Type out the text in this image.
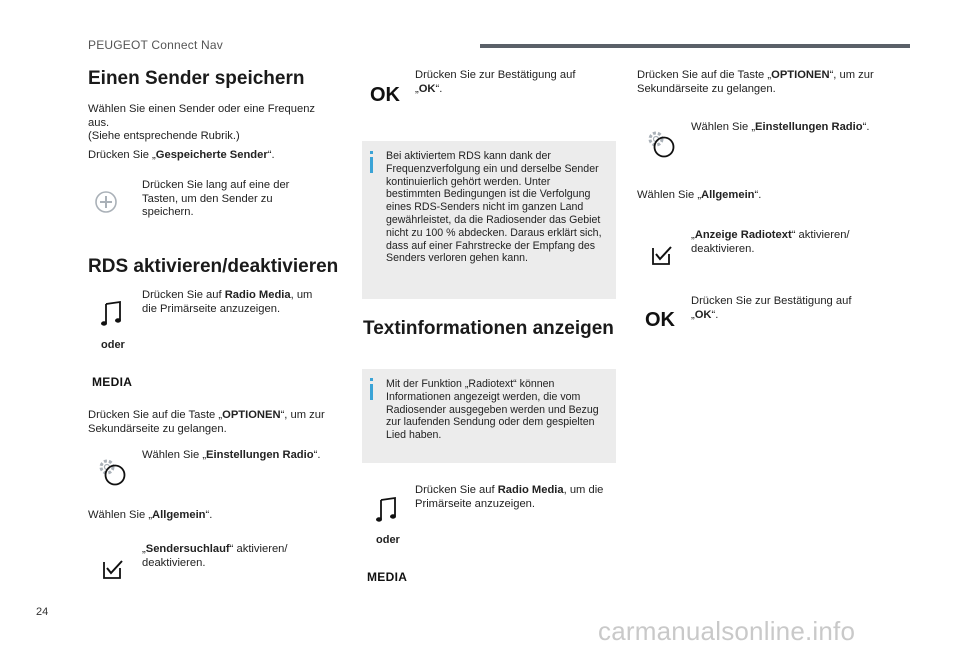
PEUGEOT Connect Nav
Einen Sender speichern
Wählen Sie einen Sender oder eine Frequenz aus.
(Siehe entsprechende Rubrik.)
Drücken Sie „Gespeicherte Sender“.
Drücken Sie lang auf eine der Tasten, um den Sender zu speichern.
RDS aktivieren/deaktivieren
Drücken Sie auf Radio Media, um die Primärseite anzuzeigen.
oder
MEDIA
Drücken Sie auf die Taste „OPTIONEN“, um zur Sekundärseite zu gelangen.
Wählen Sie „Einstellungen Radio“.
Wählen Sie „Allgemein“.
„Sendersuchlauf“ aktivieren/ deaktivieren.
OK
Drücken Sie zur Bestätigung auf „OK“.
Bei aktiviertem RDS kann dank der Frequenzverfolgung ein und derselbe Sender kontinuierlich gehört werden. Unter bestimmten Bedingungen ist die Verfolgung eines RDS-Senders nicht im ganzen Land gewährleistet, da die Radiosender das Gebiet nicht zu 100 % abdecken. Daraus erklärt sich, dass auf einer Fahrstrecke der Empfang des Senders verloren gehen kann.
Textinformationen anzeigen
Mit der Funktion „Radiotext“ können Informationen angezeigt werden, die vom Radiosender ausgegeben werden und Bezug zur laufenden Sendung oder dem gespielten Lied haben.
Drücken Sie auf Radio Media, um die Primärseite anzuzeigen.
oder
MEDIA
Drücken Sie auf die Taste „OPTIONEN“, um zur Sekundärseite zu gelangen.
Wählen Sie „Einstellungen Radio“.
Wählen Sie „Allgemein“.
„Anzeige Radiotext“ aktivieren/ deaktivieren.
OK
Drücken Sie zur Bestätigung auf „OK“.
24
carmanualsonline.info
